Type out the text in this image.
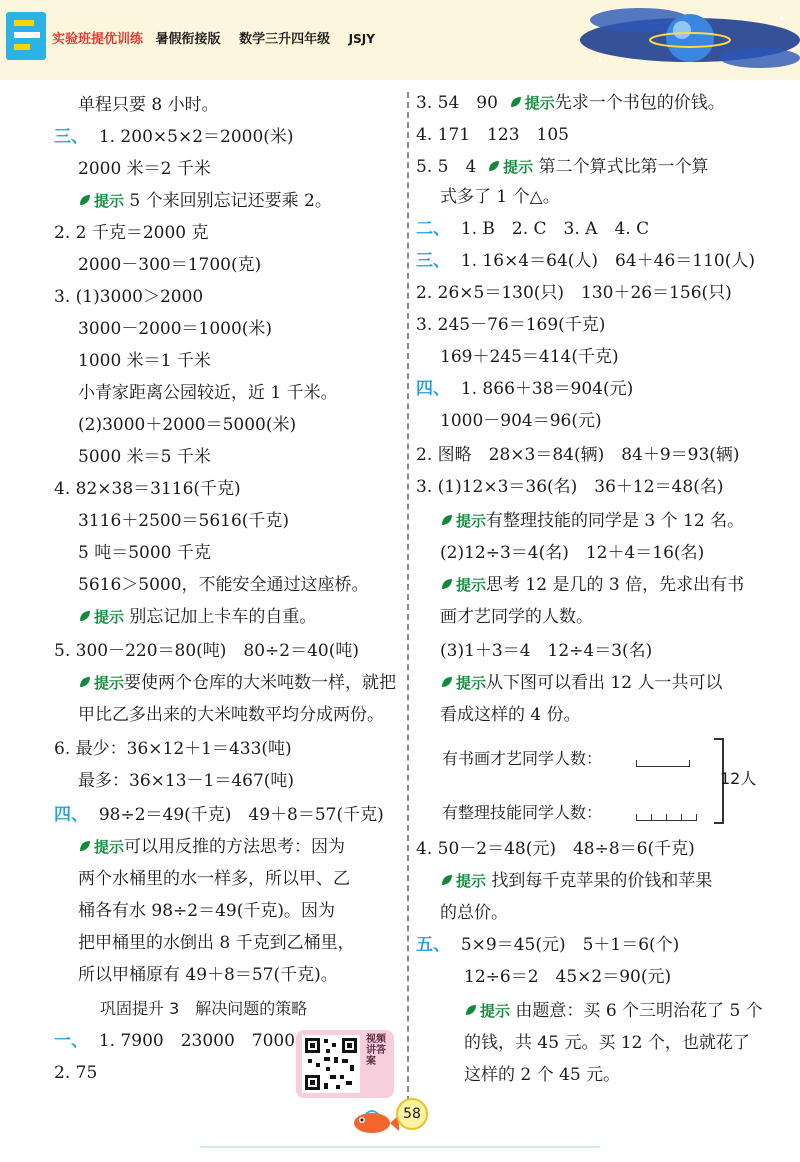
实验班提优训练 暑假衔接版 数学三升四年级 JSJY
单程只要 8 小时。
三、 1. 200×5×2＝2000(米)
2000 米＝2 千米
提示 5 个来回别忘记还要乘 2。
2. 2 千克＝2000 克
2000－300＝1700(克)
3. (1)3000＞2000
3000－2000＝1000(米)
1000 米＝1 千米
小青家距离公园较近，近 1 千米。
(2)3000＋2000＝5000(米)
5000 米＝5 千米
4. 82×38＝3116(千克)
3116＋2500＝5616(千克)
5 吨＝5000 千克
5616＞5000，不能安全通过这座桥。
提示 别忘记加上卡车的自重。
5. 300－220＝80(吨)　80÷2＝40(吨)
提示要使两个仓库的大米吨数一样，就把
甲比乙多出来的大米吨数平均分成两份。
6. 最少：36×12＋1＝433(吨)
最多：36×13－1＝467(吨)
四、 98÷2＝49(千克)　49＋8＝57(千克)
提示可以用反推的方法思考：因为
两个水桶里的水一样多，所以甲、乙
桶各有水 98÷2＝49(千克)。因为
把甲桶里的水倒出 8 千克到乙桶里，
所以甲桶原有 49＋8＝57(千克)。
巩固提升 3　解决问题的策略
一、 1. 7900　23000　7000
2. 75
视频讲答案
3. 54　90 提示先求一个书包的价钱。
4. 171　123　105
5. 5　4 提示 第二个算式比第一个算
式多了 1 个△。
二、 1. B　2. C　3. A　4. C
三、 1. 16×4＝64(人)　64＋46＝110(人)
2. 26×5＝130(只)　130＋26＝156(只)
3. 245－76＝169(千克)
169＋245＝414(千克)
四、 1. 866＋38＝904(元)
1000－904＝96(元)
2. 图略　28×3＝84(辆)　84＋9＝93(辆)
3. (1)12×3＝36(名)　36＋12＝48(名)
提示有整理技能的同学是 3 个 12 名。
(2)12÷3＝4(名)　12＋4＝16(名)
提示思考 12 是几的 3 倍，先求出有书
画才艺同学的人数。
(3)1＋3＝4　12÷4＝3(名)
提示从下图可以看出 12 人一共可以
看成这样的 4 份。
有书画才艺同学人数：
有整理技能同学人数：
12人
4. 50－2＝48(元)　48÷8＝6(千克)
提示 找到每千克苹果的价钱和苹果
的总价。
五、 5×9＝45(元)　5＋1＝6(个)
12÷6＝2　45×2＝90(元)
提示 由题意：买 6 个三明治花了 5 个
的钱，共 45 元。买 12 个，也就花了
这样的 2 个 45 元。
58
